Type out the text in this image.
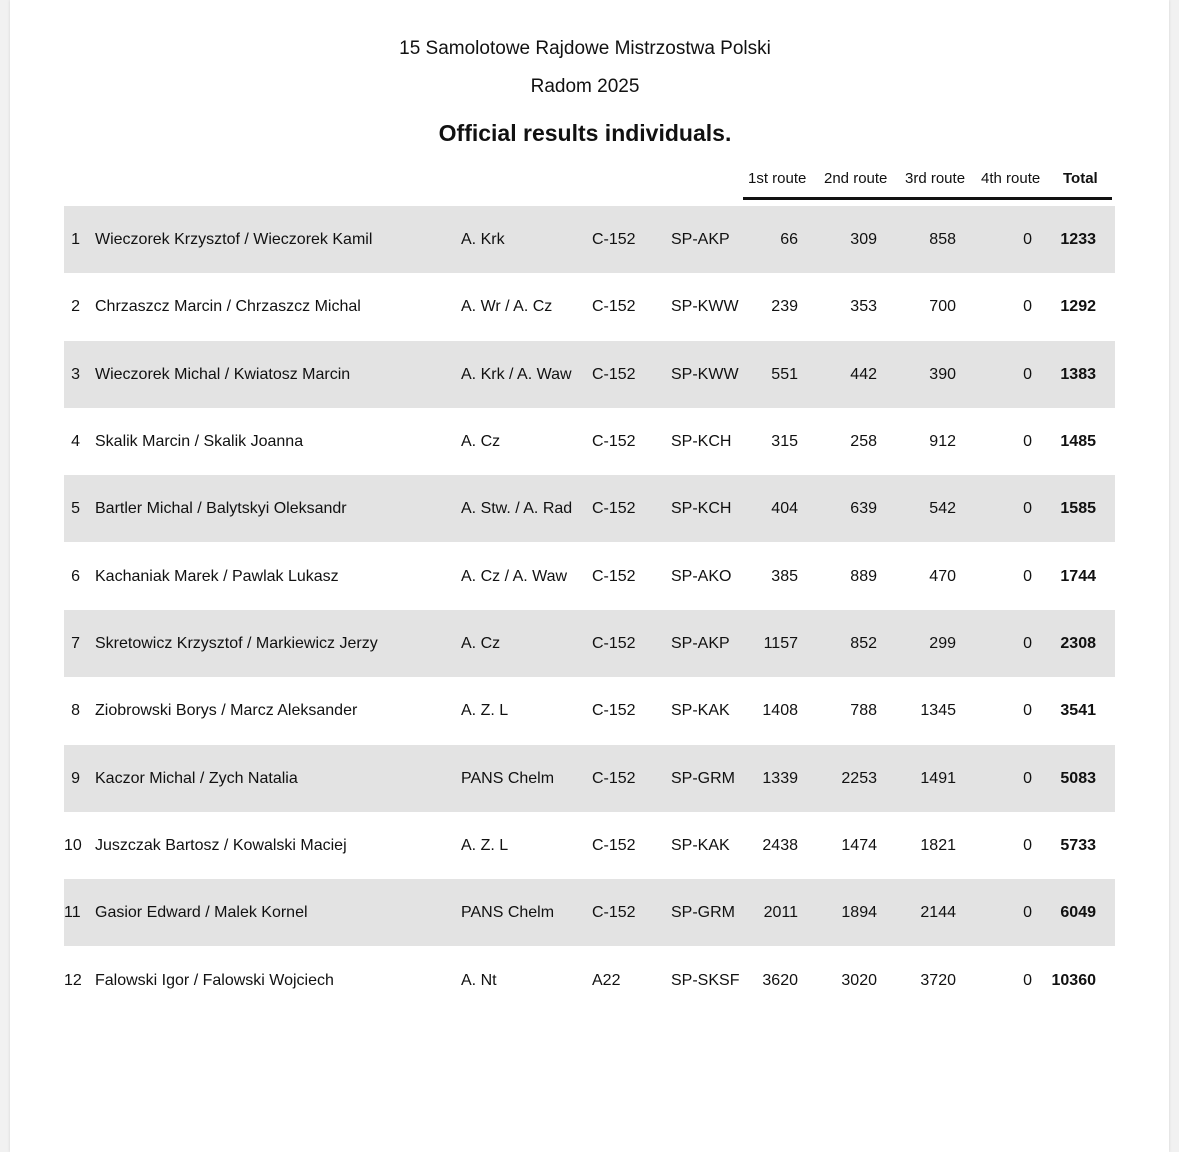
15 Samolotowe Rajdowe Mistrzostwa Polski
Radom 2025
Official results individuals.
1st route 2nd route 3rd route 4th route Total
1 Wieczorek Krzysztof / Wieczorek Kamil	A. Krk	C-152 SP-AKP	66	309	858	0	1233
2 Chrzaszcz Marcin / Chrzaszcz Michal	A. Wr / A. Cz C-152 SP-KWW	239	353	700	0	1292
3 Wieczorek Michal / Kwiatosz Marcin	A. Krk / A. Waw C-152 SP-KWW	551	442	390	0	1383
4 Skalik Marcin / Skalik Joanna	A. Cz	C-152 SP-KCH	315	258	912	0	1485
5 Bartler Michal / Balytskyi Oleksandr	A. Stw. / A. Rad C-152 SP-KCH	404	639	542	0	1585
6 Kachaniak Marek / Pawlak Lukasz	A. Cz / A. Waw C-152 SP-AKO	385	889	470	0	1744
7 Skretowicz Krzysztof / Markiewicz Jerzy	A. Cz	C-152 SP-AKP	1157	852	299	0	2308
8 Ziobrowski Borys / Marcz Aleksander	A. Z. L	C-152 SP-KAK	1408	788	1345	0	3541
9 Kaczor Michal / Zych Natalia	PANS Chelm C-152 SP-GRM	1339	2253	1491	0	5083
10 Juszczak Bartosz / Kowalski Maciej	A. Z. L	C-152 SP-KAK	2438	1474	1821	0	5733
11 Gasior Edward / Malek Kornel	PANS Chelm C-152 SP-GRM	2011	1894	2144	0	6049
12 Falowski Igor / Falowski Wojciech	A. Nt	A22	SP-SKSF	3620	3020	3720	0	10360
